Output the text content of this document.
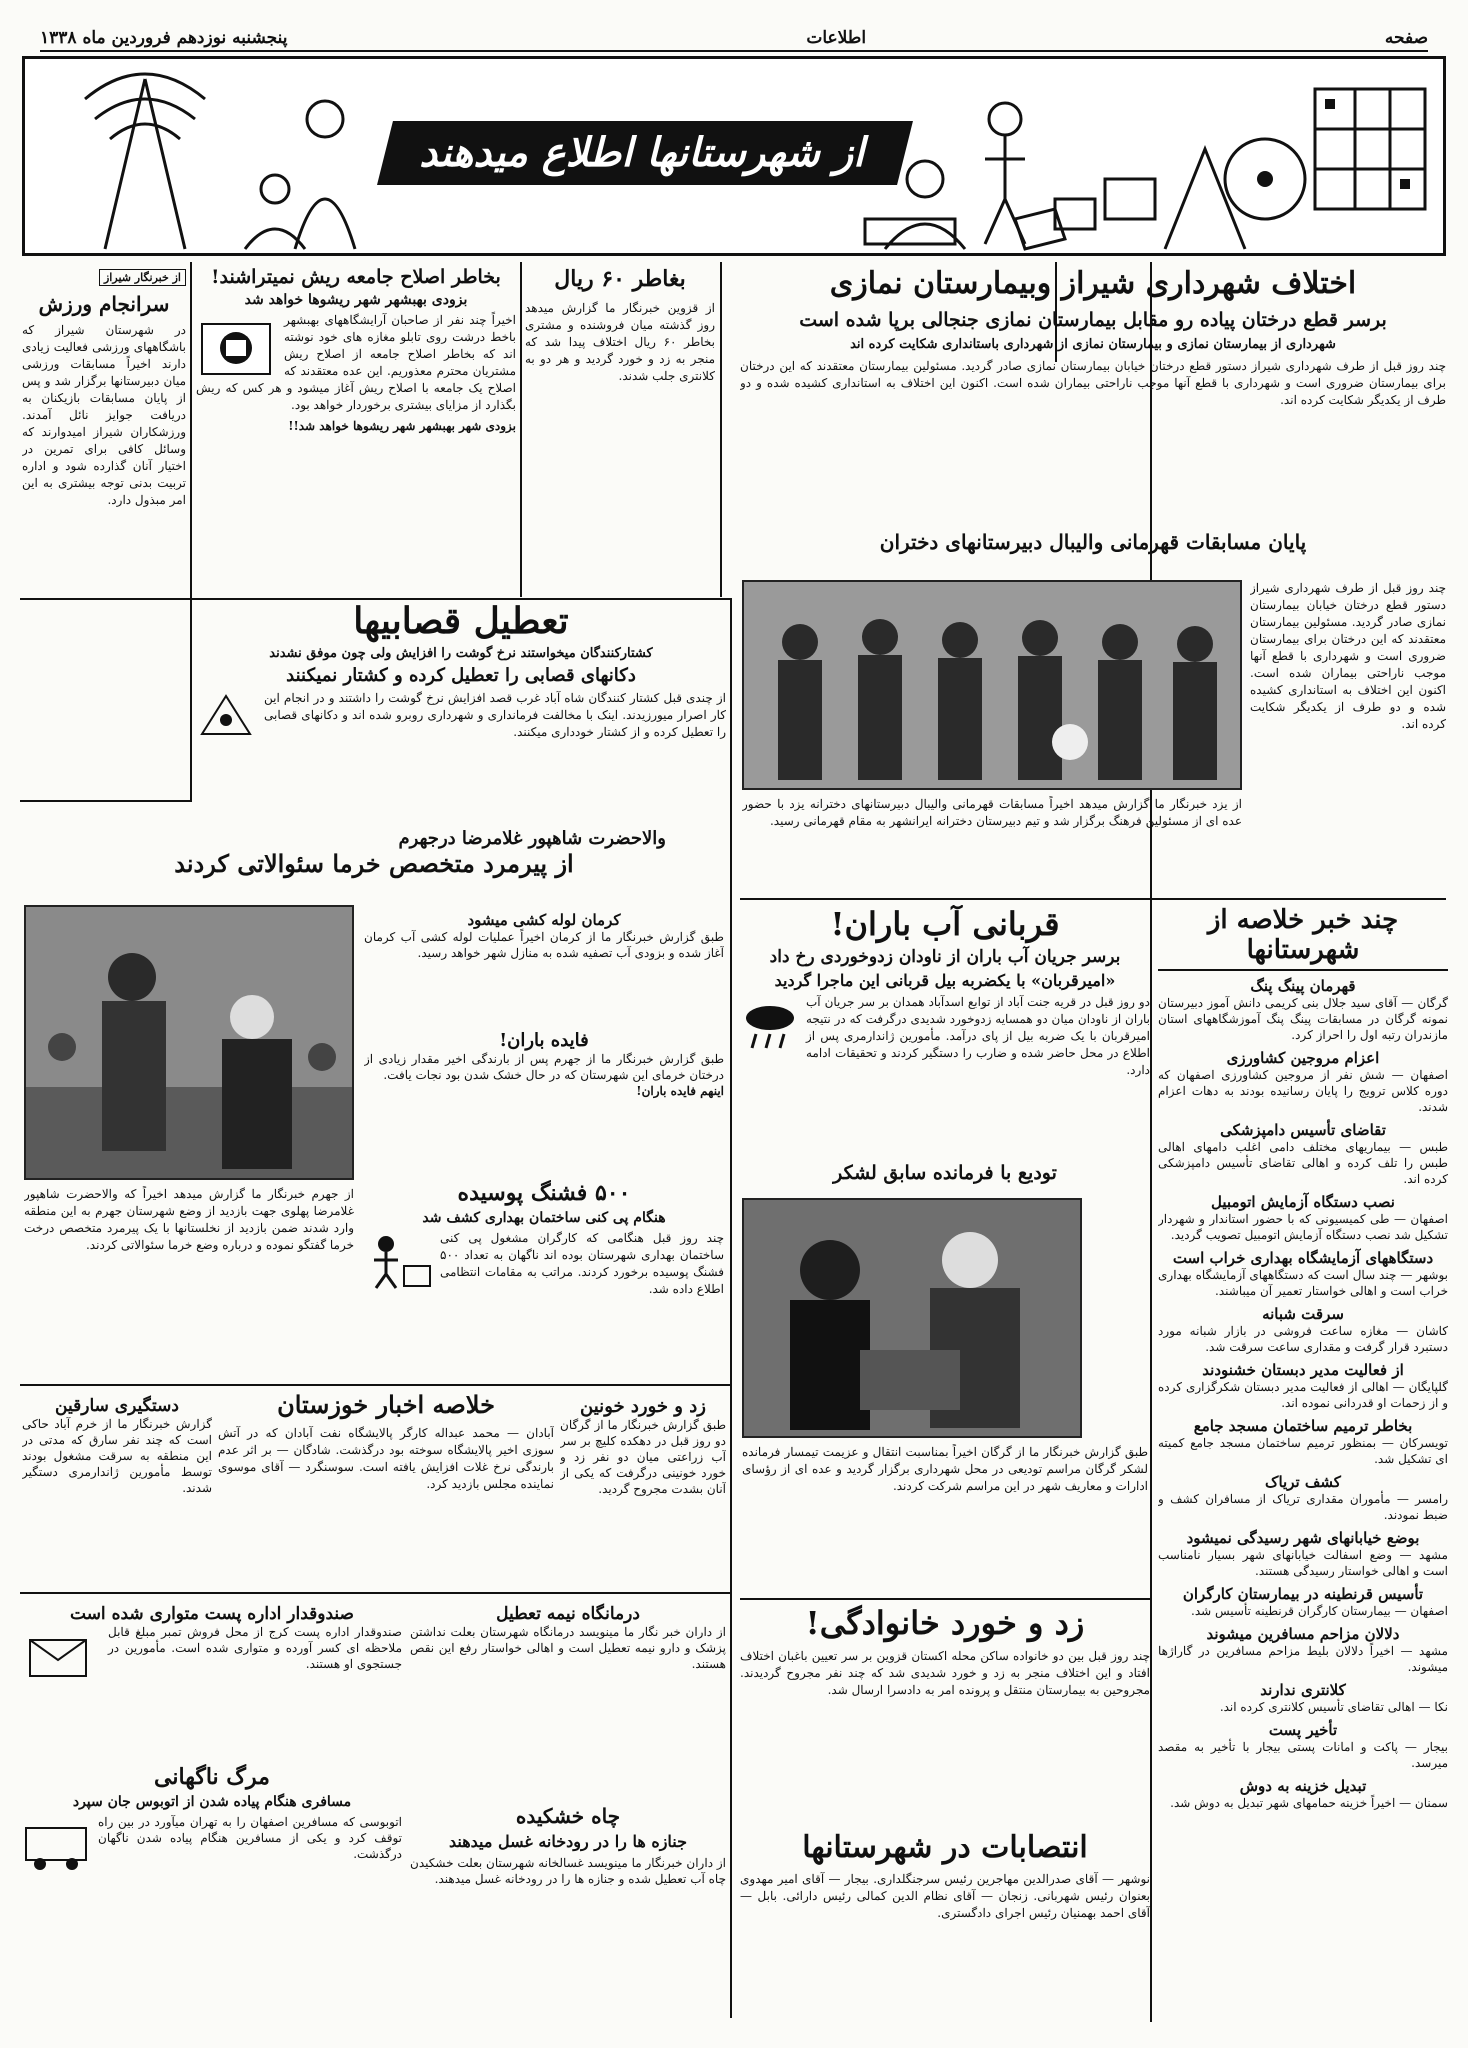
صفحه
اطلاعات
پنجشنبه نوزدهم فروردین ماه ۱۳۳۸
از شهرستانها اطلاع میدهند
از خبرنگار شیراز
سرانجام ورزش
در شهرستان شیراز که باشگاههای ورزشی فعالیت زیادی دارند اخیراً مسابقات ورزشی میان دبیرستانها برگزار شد و پس از پایان مسابقات بازیکنان به دریافت جوایز نائل آمدند. ورزشکاران شیراز امیدوارند که وسائل کافی برای تمرین در اختیار آنان گذارده شود و اداره تربیت بدنی توجه بیشتری به این امر مبذول دارد.
بغاطر ۶۰ ریال
از قزوین خبرنگار ما گزارش میدهد روز گذشته میان فروشنده و مشتری بخاطر ۶۰ ریال اختلاف پیدا شد که منجر به زد و خورد گردید و هر دو به کلانتری جلب شدند.
بخاطر اصلاح جامعه ریش نمیتراشند!
بزودی بهبشهر شهر ریشوها خواهد شد
اخیراً چند نفر از صاحبان آرایشگاههای بهبشهر باخط درشت روی تابلو مغازه های خود نوشته اند که بخاطر اصلاح جامعه از اصلاح ریش مشتریان محترم معذوریم. این عده معتقدند که اصلاح یک جامعه با اصلاح ریش آغاز میشود و هر کس که ریش بگذارد از مزایای بیشتری برخوردار خواهد بود.
بزودی شهر بهبشهر شهر ریشوها خواهد شد!!
تعطیل قصابیها
کشتارکنندگان میخواستند نرخ گوشت را افزایش ولی چون موفق نشدند
دکانهای قصابی را تعطیل کرده و کشتار نمیکنند
از چندی قبل کشتار کنندگان شاه آباد غرب قصد افزایش نرخ گوشت را داشتند و در انجام این کار اصرار میورزیدند. اینک با مخالفت فرمانداری و شهرداری روبرو شده اند و دکانهای قصابی را تعطیل کرده و از کشتار خودداری میکنند.
والاحضرت شاهپور غلامرضا درجهرم
از پیرمرد متخصص خرما سئوالاتی کردند
کرمان لوله کشی میشود
طبق گزارش خبرنگار ما از کرمان اخیراً عملیات لوله کشی آب کرمان آغاز شده و بزودی آب تصفیه شده به منازل شهر خواهد رسید.
فایده باران!
طبق گزارش خبرنگار ما از جهرم پس از بارندگی اخیر مقدار زیادی از درختان خرمای این شهرستان که در حال خشک شدن بود نجات یافت.
اینهم فایده باران!
از جهرم خبرنگار ما گزارش میدهد اخیراً که والاحضرت شاهپور غلامرضا پهلوی جهت بازدید از وضع شهرستان جهرم به این منطقه وارد شدند ضمن بازدید از نخلستانها با یک پیرمرد متخصص درخت خرما گفتگو نموده و درباره وضع خرما سئوالاتی کردند.
۵۰۰ فشنگ پوسیده
هنگام پی کنی ساختمان بهداری کشف شد
چند روز قبل هنگامی که کارگران مشغول پی کنی ساختمان بهداری شهرستان بوده اند ناگهان به تعداد ۵۰۰ فشنگ پوسیده برخورد کردند. مراتب به مقامات انتظامی اطلاع داده شد.
دستگیری سارقین
گزارش خبرنگار ما از خرم آباد حاکی است که چند نفر سارق که مدتی در این منطقه به سرقت مشغول بودند توسط مأمورین ژاندارمری دستگیر شدند.
خلاصه اخبار خوزستان
آبادان — محمد عبداله کارگر پالایشگاه نفت آبادان که در آتش سوزی اخیر پالایشگاه سوخته بود درگذشت. شادگان — بر اثر عدم بارندگی نرخ غلات افزایش یافته است. سوسنگرد — آقای موسوی نماینده مجلس بازدید کرد.
زد و خورد خونین
طبق گزارش خبرنگار ما از گرگان دو روز قبل در دهکده کلیچ بر سر آب زراعتی میان دو نفر زد و خورد خونینی درگرفت که یکی از آنان بشدت مجروح گردید.
صندوقدار اداره پست متواری شده است
صندوقدار اداره پست کرج از محل فروش تمبر مبلغ قابل ملاحظه ای کسر آورده و متواری شده است. مأمورین در جستجوی او هستند.
درمانگاه نیمه تعطیل
از داران خبر نگار ما مینویسد درمانگاه شهرستان بعلت نداشتن پزشک و دارو نیمه تعطیل است و اهالی خواستار رفع این نقص هستند.
مرگ ناگهانی
مسافری هنگام پیاده شدن از اتوبوس جان سپرد
اتوبوسی که مسافرین اصفهان را به تهران میآورد در بین راه توقف کرد و یکی از مسافرین هنگام پیاده شدن ناگهان درگذشت.
چاه خشکیده
جنازه ها را در رودخانه غسل میدهند
از داران خبرنگار ما مینویسد غسالخانه شهرستان بعلت خشکیدن چاه آب تعطیل شده و جنازه ها را در رودخانه غسل میدهند.
اختلاف شهرداری شیراز وبیمارستان نمازی
برسر قطع درختان پیاده رو مقابل بیمارستان نمازی جنجالی برپا شده است
شهرداری از بیمارستان نمازی و بیمارستان نمازی از شهرداری باستانداری شکایت کرده اند
چند روز قبل از طرف شهرداری شیراز دستور قطع درختان خیابان بیمارستان نمازی صادر گردید. مسئولین بیمارستان معتقدند که این درختان برای بیمارستان ضروری است و شهرداری با قطع آنها موجب ناراحتی بیماران شده است. اکنون این اختلاف به استانداری کشیده شده و دو طرف از یکدیگر شکایت کرده اند.
پایان مسابقات قهرمانی والیبال دبیرستانهای دختران
چند روز قبل از طرف شهرداری شیراز دستور قطع درختان خیابان بیمارستان نمازی صادر گردید. مسئولین بیمارستان معتقدند که این درختان برای بیمارستان ضروری است و شهرداری با قطع آنها موجب ناراحتی بیماران شده است. اکنون این اختلاف به استانداری کشیده شده و دو طرف از یکدیگر شکایت کرده اند.
از یزد خبرنگار ما گزارش میدهد اخیراً مسابقات قهرمانی والیبال دبیرستانهای دخترانه یزد با حضور عده ای از مسئولین فرهنگ برگزار شد و تیم دبیرستان دخترانه ایرانشهر به مقام قهرمانی رسید.
چند خبر خلاصه از شهرستانها
قهرمان پینگ پنگ
گرگان — آقای سید جلال بنی کریمی دانش آموز دبیرستان نمونه گرگان در مسابقات پینگ پنگ آموزشگاههای استان مازندران رتبه اول را احراز کرد.
اعزام مروجین کشاورزی
اصفهان — شش نفر از مروجین کشاورزی اصفهان که دوره کلاس ترویج را پایان رسانیده بودند به دهات اعزام شدند.
تقاضای تأسیس دامپزشکی
طبس — بیماریهای مختلف دامی اغلب دامهای اهالی طبس را تلف کرده و اهالی تقاضای تأسیس دامپزشکی کرده اند.
نصب دستگاه آزمایش اتومبیل
اصفهان — طی کمیسیونی که با حضور استاندار و شهردار تشکیل شد نصب دستگاه آزمایش اتومبیل تصویب گردید.
دستگاههای آزمایشگاه بهداری خراب است
بوشهر — چند سال است که دستگاههای آزمایشگاه بهداری خراب است و اهالی خواستار تعمیر آن میباشند.
سرقت شبانه
کاشان — مغازه ساعت فروشی در بازار شبانه مورد دستبرد قرار گرفت و مقداری ساعت سرقت شد.
از فعالیت مدیر دبستان خشنودند
گلپایگان — اهالی از فعالیت مدیر دبستان شکرگزاری کرده و از زحمات او قدردانی نموده اند.
بخاطر ترمیم ساختمان مسجد جامع
تویسرکان — بمنظور ترمیم ساختمان مسجد جامع کمیته ای تشکیل شد.
کشف تریاک
رامسر — مأموران مقداری تریاک از مسافران کشف و ضبط نمودند.
بوضع خیابانهای شهر رسیدگی نمیشود
مشهد — وضع اسفالت خیابانهای شهر بسیار نامناسب است و اهالی خواستار رسیدگی هستند.
تأسیس قرنطینه در بیمارستان کارگران
اصفهان — بیمارستان کارگران قرنطینه تأسیس شد.
دلالان مزاحم مسافرین میشوند
مشهد — اخیراً دلالان بلیط مزاحم مسافرین در گاراژها میشوند.
کلانتری ندارند
نکا — اهالی تقاضای تأسیس کلانتری کرده اند.
تأخیر پست
بیجار — پاکت و امانات پستی بیجار با تأخیر به مقصد میرسد.
تبدیل خزینه به دوش
سمنان — اخیراً خزینه حمامهای شهر تبدیل به دوش شد.
قربانی آب باران!
برسر جریان آب باران از ناودان زدوخوردی رخ داد
«امیرقربان» با یکضربه بیل قربانی این ماجرا گردید
دو روز قبل در قریه جنت آباد از توابع اسدآباد همدان بر سر جریان آب باران از ناودان میان دو همسایه زدوخورد شدیدی درگرفت که در نتیجه امیرقربان با یک ضربه بیل از پای درآمد. مأمورین ژاندارمری پس از اطلاع در محل حاضر شده و ضارب را دستگیر کردند و تحقیقات ادامه دارد.
تودیع با فرمانده سابق لشکر
طبق گزارش خبرنگار ما از گرگان اخیراً بمناسبت انتقال و عزیمت تیمسار فرمانده لشکر گرگان مراسم تودیعی در محل شهرداری برگزار گردید و عده ای از رؤسای ادارات و معاریف شهر در این مراسم شرکت کردند.
زد و خورد خانوادگی!
چند روز قبل بین دو خانواده ساکن محله اکستان قزوین بر سر تعیین باغبان اختلاف افتاد و این اختلاف منجر به زد و خورد شدیدی شد که چند نفر مجروح گردیدند. مجروحین به بیمارستان منتقل و پرونده امر به دادسرا ارسال شد.
انتصابات در شهرستانها
نوشهر — آقای صدرالدین مهاجرین رئیس سرجنگلداری. بیجار — آقای امیر مهدوی بعنوان رئیس شهربانی. زنجان — آقای نظام الدین کمالی رئیس دارائی. بابل — آقای احمد بهمنیان رئیس اجرای دادگستری.
